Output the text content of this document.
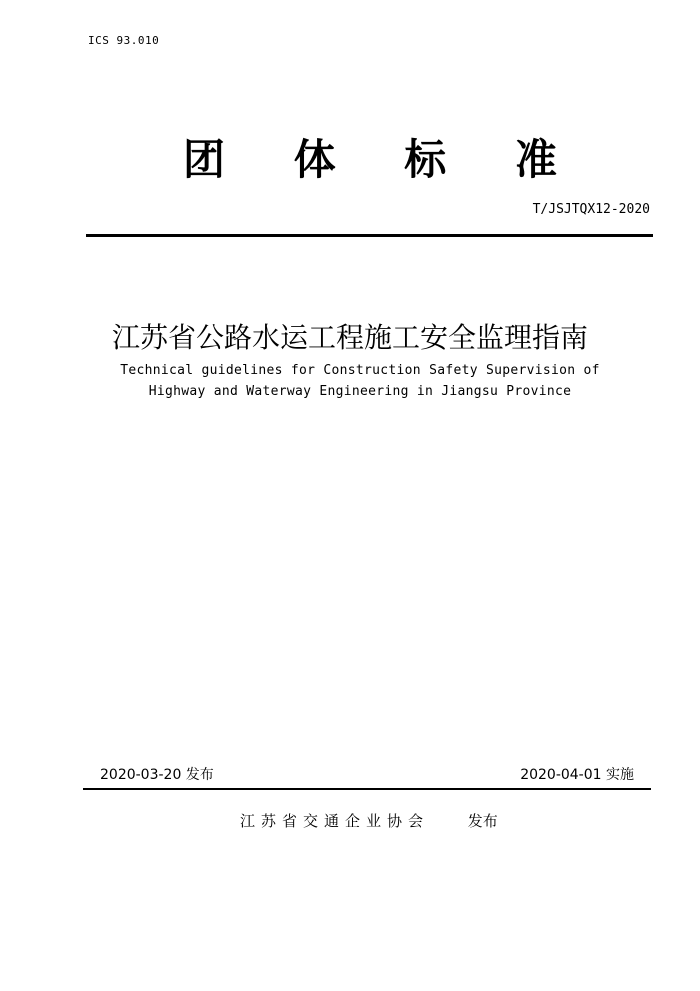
ICS 93.010
团 体 标 准
T/JSJTQX12-2020
江苏省公路水运工程施工安全监理指南
Technical guidelines for Construction Safety Supervision of
Highway and Waterway Engineering in Jiangsu Province
2020-03-20 发布	2020-04-01 实施
江苏省交通企业协会	发布
